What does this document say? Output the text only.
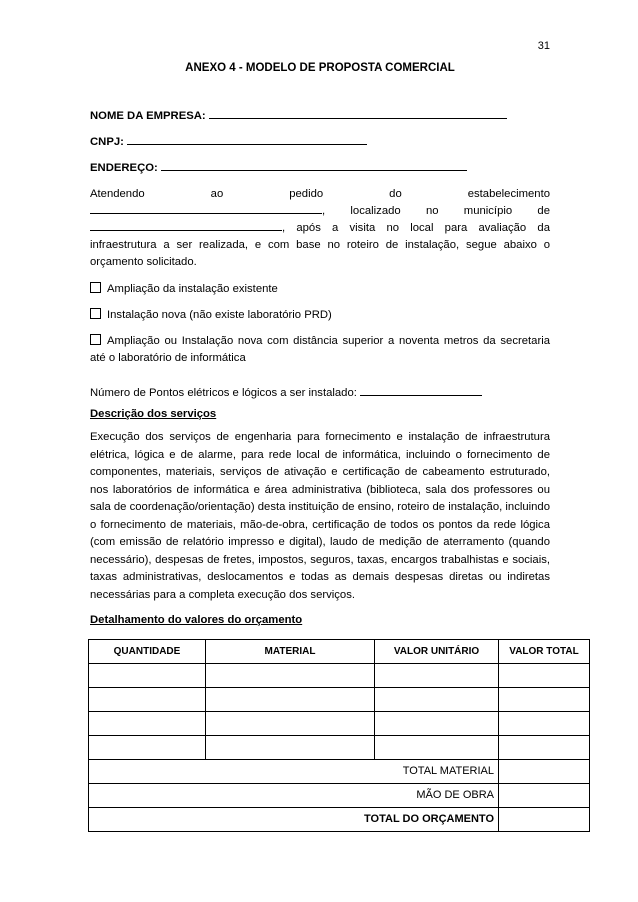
31
ANEXO 4 - MODELO DE PROPOSTA COMERCIAL
NOME DA EMPRESA:
CNPJ:
ENDEREÇO:

Atendendo ao pedido do estabelecimento

, localizado no município de

, após a visita no local para avaliação da

infraestrutura a ser realizada, e com base no roteiro de instalação, segue abaixo o orçamento solicitado.

Ampliação da instalação existente
Instalação nova (não existe laboratório PRD)
Ampliação ou Instalação nova com distância superior a noventa metros da secretaria até o laboratório de informática
Número de Pontos elétricos e lógicos a ser instalado:
Descrição dos serviços

Execução dos serviços de engenharia para fornecimento e instalação de infraestrutura elétrica, lógica e de alarme, para rede local de informática, incluindo o fornecimento de componentes, materiais, serviços de ativação e certificação de cabeamento estruturado, nos laboratórios de informática e área administrativa (biblioteca, sala dos professores ou sala de coordenação/orientação) desta instituição de ensino, roteiro de instalação, incluindo o fornecimento de materiais, mão-de-obra, certificação de todos os pontos da rede lógica (com emissão de relatório impresso e digital), laudo de medição de aterramento (quando necessário), despesas de fretes, impostos, seguros, taxas, encargos trabalhistas e sociais, taxas administrativas, deslocamentos e todas as demais despesas diretas ou indiretas necessárias para a completa execução dos serviços.

Detalhamento do valores do orçamento
QUANTIDADE	MATERIAL	VALOR UNITÁRIO	VALOR TOTAL

TOTAL MATERIAL			
MÃO DE OBRA			
TOTAL DO ORÇAMENTO			
